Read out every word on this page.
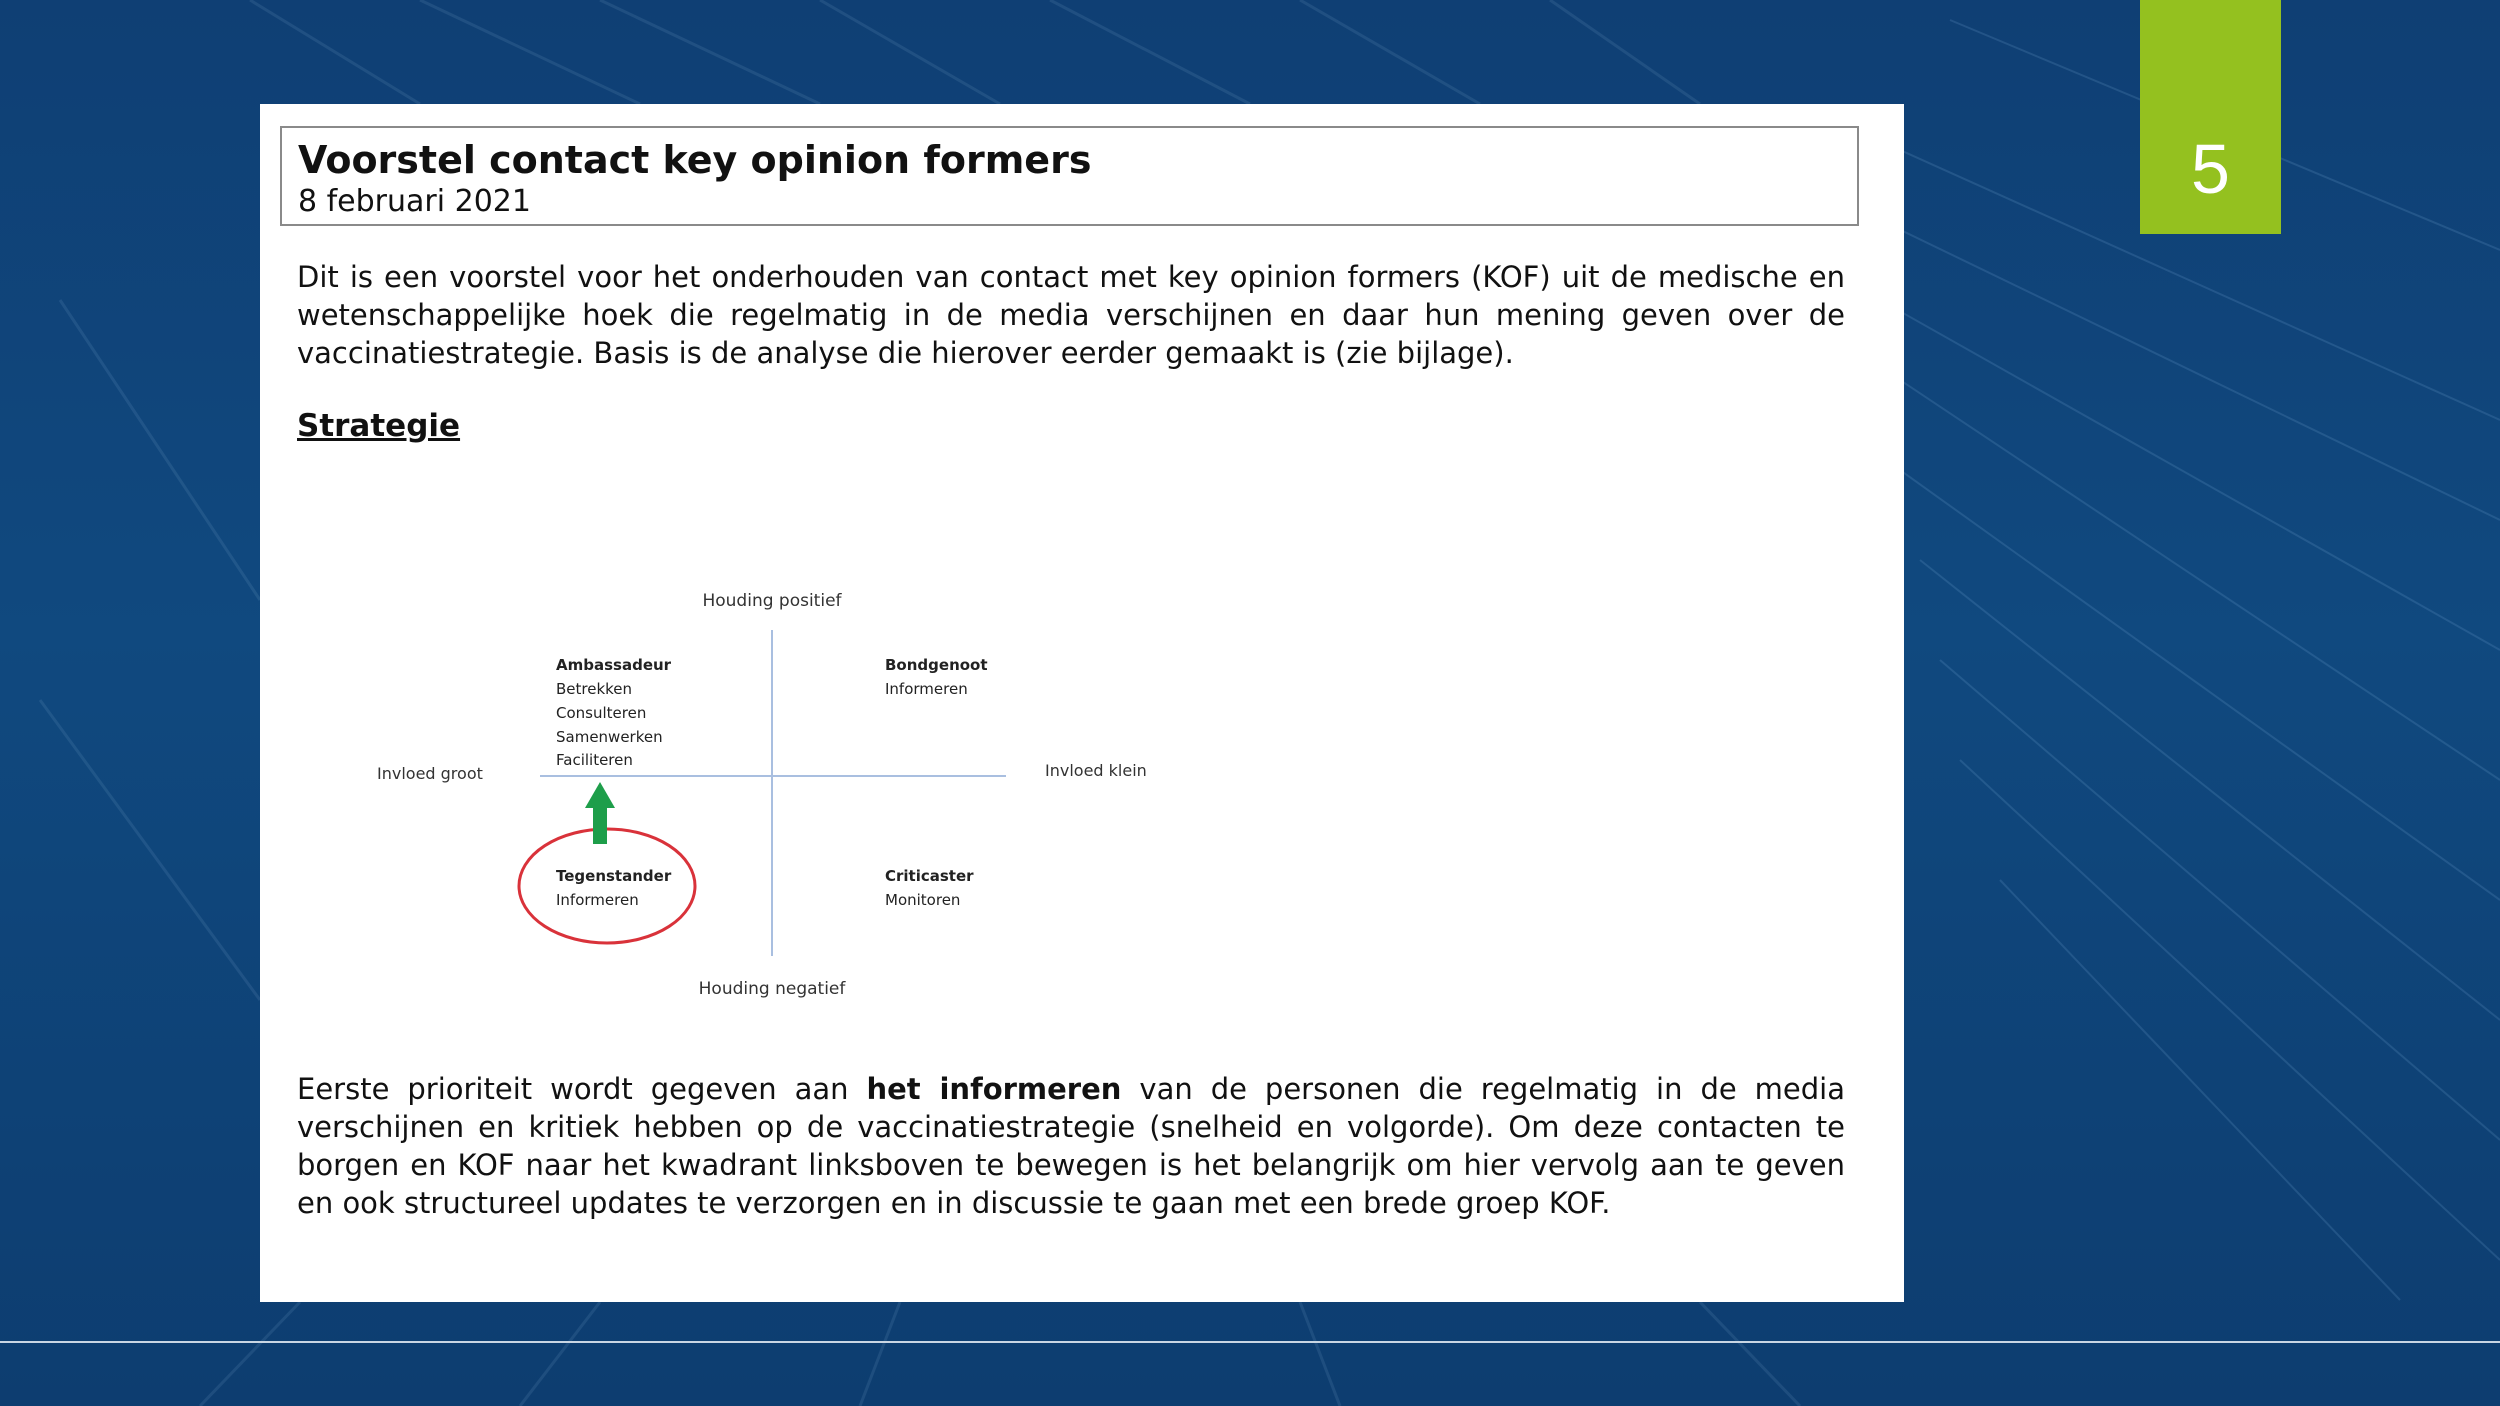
5
Voorstel contact key opinion formers
8 februari 2021

Dit is een voorstel voor het onderhouden van contact met key opinion formers (KOF) uit de medische en wetenschappelijke hoek die regelmatig in de media verschijnen en daar hun mening geven over de vaccinatiestrategie. Basis is de analyse die hierover eerder gemaakt is (zie bijlage).

Strategie
Houding positief
Houding negatief
Invloed groot	Invloed klein
Ambassadeur
Betrekken
Consulteren
Samenwerken
Faciliteren
Bondgenoot
Informeren
Tegenstander
Informeren
Criticaster
Monitoren

Eerste prioriteit wordt gegeven aan het informeren van de personen die regelmatig in de media verschijnen en kritiek hebben op de vaccinatiestrategie (snelheid en volgorde). Om deze contacten te borgen en KOF naar het kwadrant linksboven te bewegen is het belangrijk om hier vervolg aan te geven en ook structureel updates te verzorgen en in discussie te gaan met een brede groep KOF.
